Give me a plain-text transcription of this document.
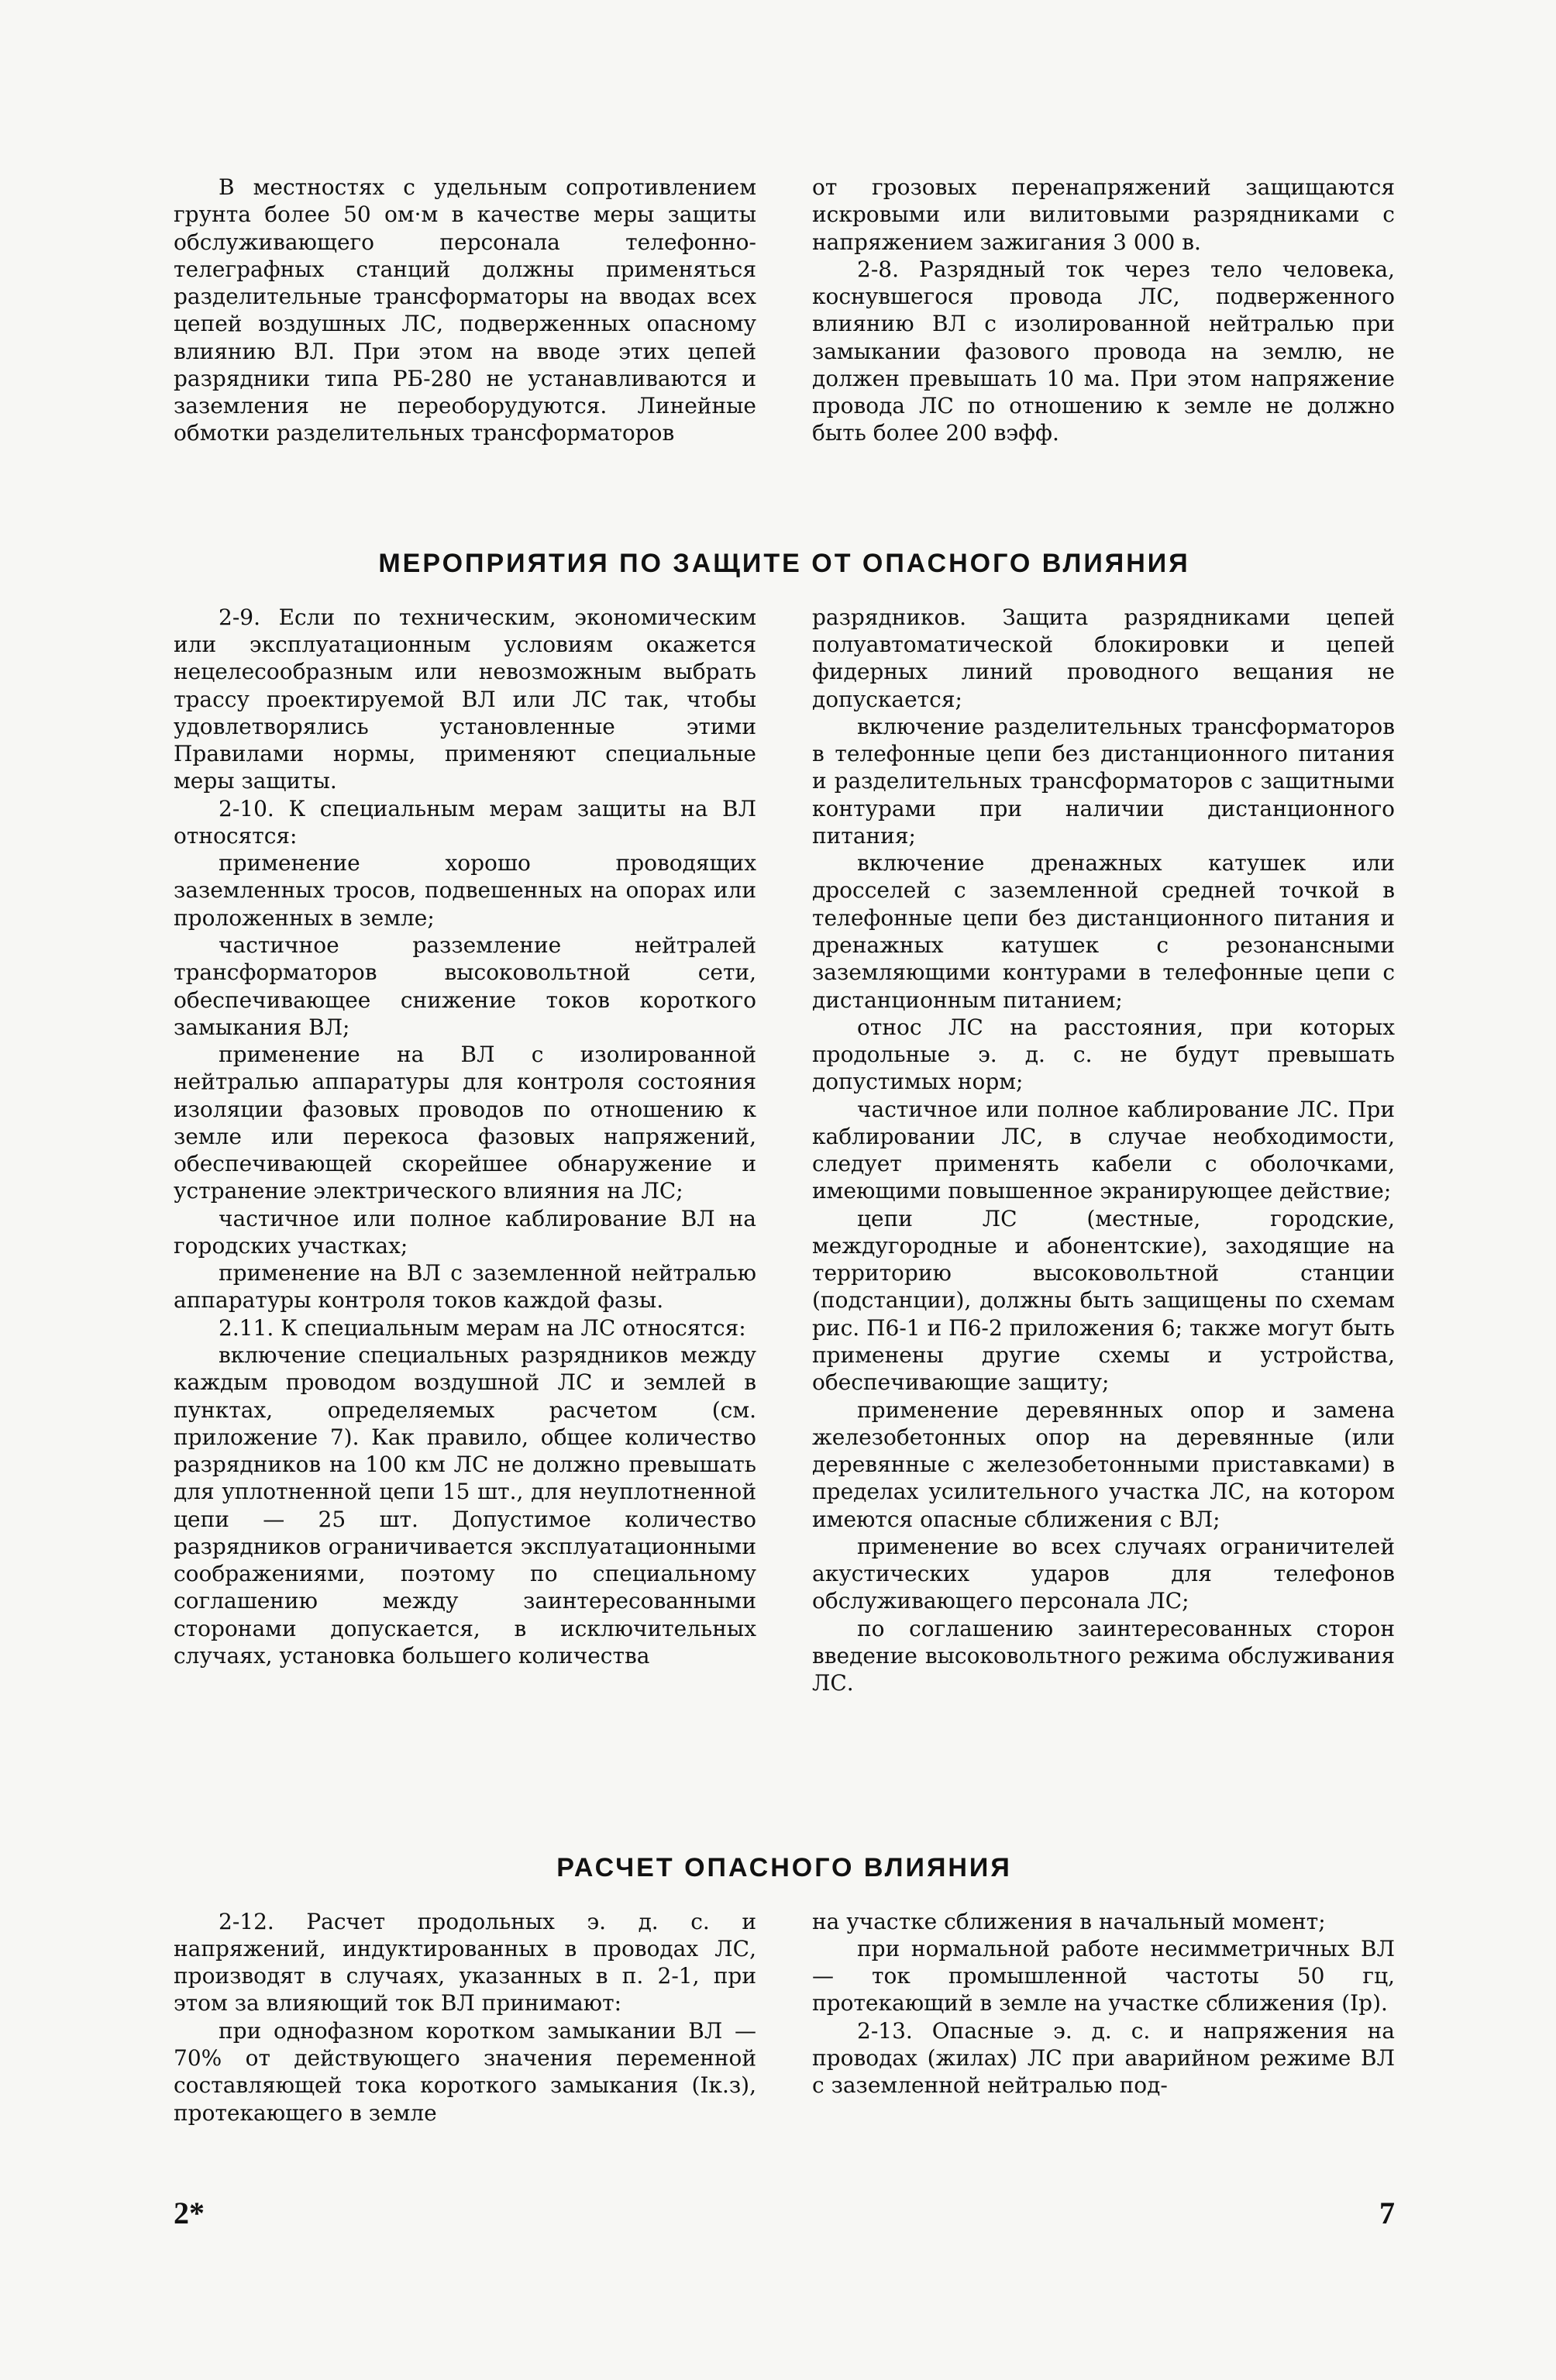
В местностях с удельным сопротивлением грунта более 50 ом·м в качестве меры защиты обслуживающего персонала телефонно-телеграфных станций должны применяться разделительные трансформаторы на вводах всех цепей воздушных ЛС, подверженных опасному влиянию ВЛ. При этом на вводе этих цепей разрядники типа РБ-280 не устанавливаются и заземления не переоборудуются. Линейные обмотки разделительных трансформаторов

от грозовых перенапряжений защищаются искровыми или вилитовыми разрядниками с напряжением зажигания 3 000 в.

2-8. Разрядный ток через тело человека, коснувшегося провода ЛС, подверженного влиянию ВЛ с изолированной нейтралью при замыкании фазового провода на землю, не должен превышать 10 ма. При этом напряжение провода ЛС по отношению к земле не должно быть более 200 вэфф.

МЕРОПРИЯТИЯ ПО ЗАЩИТЕ ОТ ОПАСНОГО ВЛИЯНИЯ

2-9. Если по техническим, экономическим или эксплуатационным условиям окажется нецелесообразным или невозможным выбрать трассу проектируемой ВЛ или ЛС так, чтобы удовлетворялись установленные этими Правилами нормы, применяют специальные меры защиты.

2-10. К специальным мерам защиты на ВЛ относятся:

применение хорошо проводящих заземленных тросов, подвешенных на опорах или проложенных в земле;

частичное разземление нейтралей трансформаторов высоковольтной сети, обеспечивающее снижение токов короткого замыкания ВЛ;

применение на ВЛ с изолированной нейтралью аппаратуры для контроля состояния изоляции фазовых проводов по отношению к земле или перекоса фазовых напряжений, обеспечивающей скорейшее обнаружение и устранение электрического влияния на ЛС;

частичное или полное каблирование ВЛ на городских участках;

применение на ВЛ с заземленной нейтралью аппаратуры контроля токов каждой фазы.

2.11. К специальным мерам на ЛС относятся:

включение специальных разрядников между каждым проводом воздушной ЛС и землей в пунктах, определяемых расчетом (см. приложение 7). Как правило, общее количество разрядников на 100 км ЛС не должно превышать для уплотненной цепи 15 шт., для неуплотненной цепи — 25 шт. Допустимое количество разрядников ограничивается эксплуатационными соображениями, поэтому по специальному соглашению между заинтересованными сторонами допускается, в исключительных случаях, установка большего количества

разрядников. Защита разрядниками цепей полуавтоматической блокировки и цепей фидерных линий проводного вещания не допускается;

включение разделительных трансформаторов в телефонные цепи без дистанционного питания и разделительных трансформаторов с защитными контурами при наличии дистанционного питания;

включение дренажных катушек или дросселей с заземленной средней точкой в телефонные цепи без дистанционного питания и дренажных катушек с резонансными заземляющими контурами в телефонные цепи с дистанционным питанием;

относ ЛС на расстояния, при которых продольные э. д. с. не будут превышать допустимых норм;

частичное или полное каблирование ЛС. При каблировании ЛС, в случае необходимости, следует применять кабели с оболочками, имеющими повышенное экранирующее действие;

цепи ЛС (местные, городские, междугородные и абонентские), заходящие на территорию высоковольтной станции (подстанции), должны быть защищены по схемам рис. П6-1 и П6-2 приложения 6; также могут быть применены другие схемы и устройства, обеспечивающие защиту;

применение деревянных опор и замена железобетонных опор на деревянные (или деревянные с железобетонными приставками) в пределах усилительного участка ЛС, на котором имеются опасные сближения с ВЛ;

применение во всех случаях ограничителей акустических ударов для телефонов обслуживающего персонала ЛС;

по соглашению заинтересованных сторон введение высоковольтного режима обслуживания ЛС.

РАСЧЕТ ОПАСНОГО ВЛИЯНИЯ

2-12. Расчет продольных э. д. с. и напряжений, индуктированных в проводах ЛС, производят в случаях, указанных в п. 2-1, при этом за влияющий ток ВЛ принимают:

при однофазном коротком замыкании ВЛ — 70% от действующего значения переменной составляющей тока короткого замыкания (Iк.з), протекающего в земле

на участке сближения в начальный момент;

при нормальной работе несимметричных ВЛ — ток промышленной частоты 50 гц, протекающий в земле на участке сближения (Iр).

2-13. Опасные э. д. с. и напряжения на проводах (жилах) ЛС при аварийном режиме ВЛ с заземленной нейтралью под-

2*	7
